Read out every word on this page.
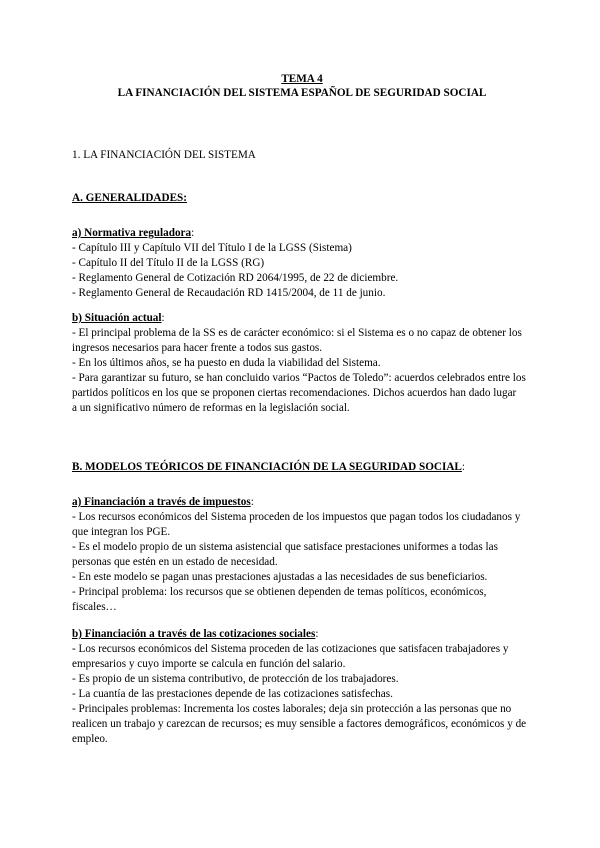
TEMA 4
LA FINANCIACIÓN DEL SISTEMA ESPAÑOL DE SEGURIDAD SOCIAL

1. LA FINANCIACIÓN DEL SISTEMA

A. GENERALIDADES:

a) Normativa reguladora:

- Capítulo III y Capítulo VII del Título I de la LGSS (Sistema)

- Capítulo II del Título II de la LGSS (RG)

- Reglamento General de Cotización RD 2064/1995, de 22 de diciembre.

- Reglamento General de Recaudación RD 1415/2004, de 11 de junio.

b) Situación actual:

- El principal problema de la SS es de carácter económico: si el Sistema es o no capaz de obtener los

ingresos necesarios para hacer frente a todos sus gastos.

- En los últimos años, se ha puesto en duda la viabilidad del Sistema.

- Para garantizar su futuro, se han concluido varios “Pactos de Toledo”: acuerdos celebrados entre los

partidos políticos en los que se proponen ciertas recomendaciones. Dichos acuerdos han dado lugar

a un significativo número de reformas en la legislación social.

B. MODELOS TEÓRICOS DE FINANCIACIÓN DE LA SEGURIDAD SOCIAL:

a) Financiación a través de impuestos:

- Los recursos económicos del Sistema proceden de los impuestos que pagan todos los ciudadanos y

que integran los PGE.

- Es el modelo propio de un sistema asistencial que satisface prestaciones uniformes a todas las

personas que estén en un estado de necesidad.

- En este modelo se pagan unas prestaciones ajustadas a las necesidades de sus beneficiarios.

- Principal problema: los recursos que se obtienen dependen de temas políticos, económicos,

fiscales…

b) Financiación a través de las cotizaciones sociales:

- Los recursos económicos del Sistema proceden de las cotizaciones que satisfacen trabajadores y

empresarios y cuyo importe se calcula en función del salario.

- Es propio de un sistema contributivo, de protección de los trabajadores.

- La cuantía de las prestaciones depende de las cotizaciones satisfechas.

- Principales problemas: Incrementa los costes laborales; deja sin protección a las personas que no

realicen un trabajo y carezcan de recursos; es muy sensible a factores demográficos, económicos y de

empleo.
